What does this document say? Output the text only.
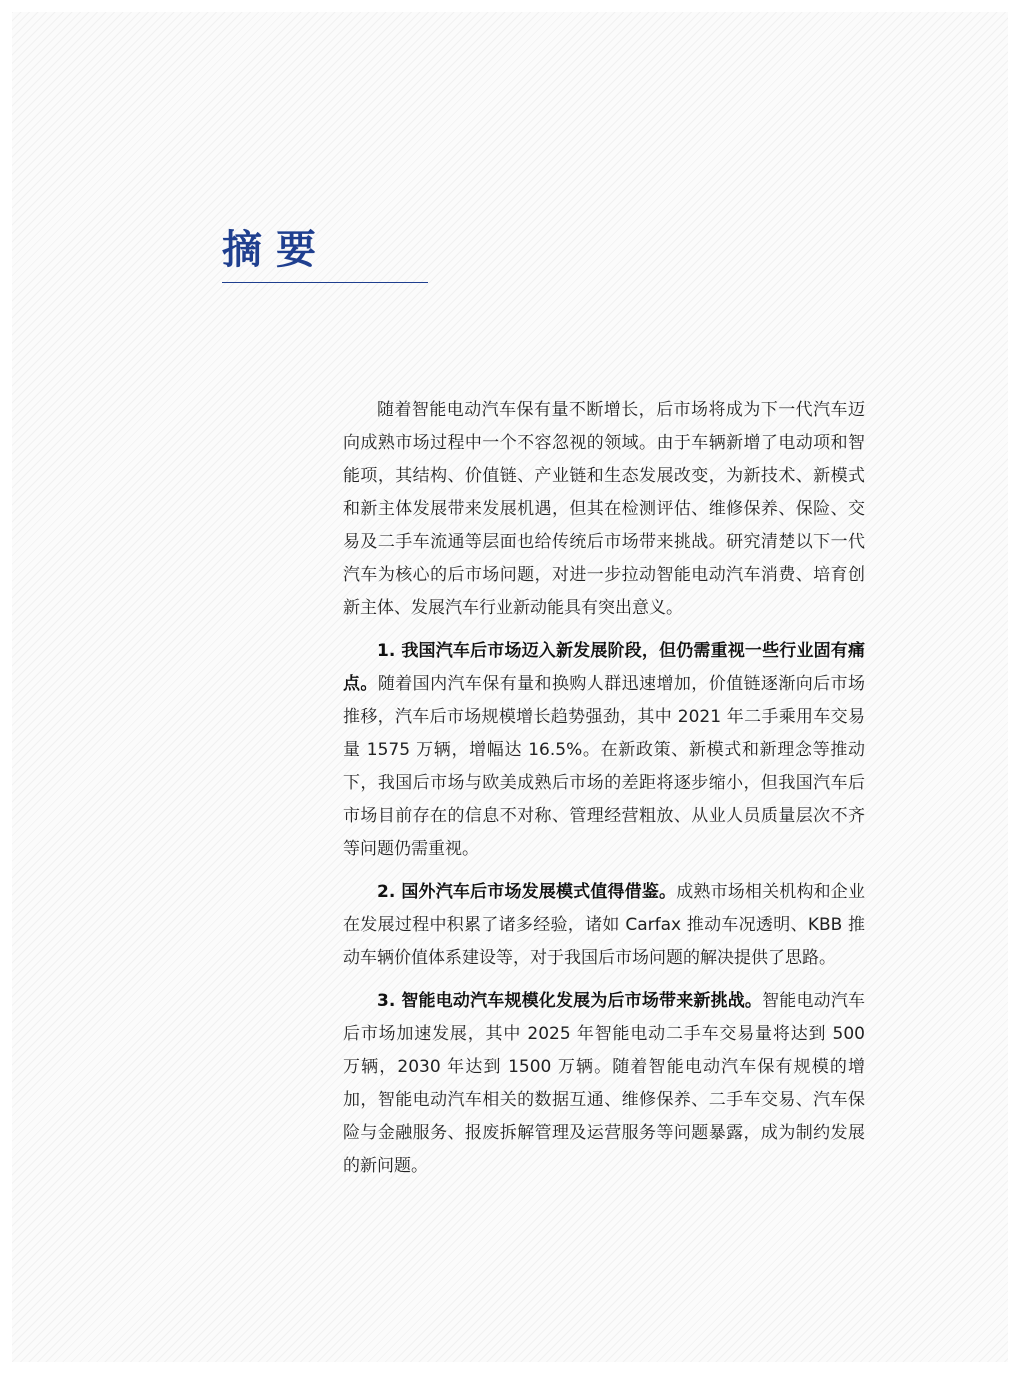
摘要

随着智能电动汽车保有量不断增长，后市场将成为下一代汽车迈向成熟市场过程中一个不容忽视的领域。由于车辆新增了电动项和智能项，其结构、价值链、产业链和生态发展改变，为新技术、新模式和新主体发展带来发展机遇，但其在检测评估、维修保养、保险、交易及二手车流通等层面也给传统后市场带来挑战。研究清楚以下一代汽车为核心的后市场问题，对进一步拉动智能电动汽车消费、培育创新主体、发展汽车行业新动能具有突出意义。

1. 我国汽车后市场迈入新发展阶段，但仍需重视一些行业固有痛点。随着国内汽车保有量和换购人群迅速增加，价值链逐渐向后市场推移，汽车后市场规模增长趋势强劲，其中 2021 年二手乘用车交易量 1575 万辆，增幅达 16.5%。在新政策、新模式和新理念等推动下，我国后市场与欧美成熟后市场的差距将逐步缩小，但我国汽车后市场目前存在的信息不对称、管理经营粗放、从业人员质量层次不齐等问题仍需重视。

2. 国外汽车后市场发展模式值得借鉴。成熟市场相关机构和企业在发展过程中积累了诸多经验，诸如 Carfax 推动车况透明、KBB 推动车辆价值体系建设等，对于我国后市场问题的解决提供了思路。

3. 智能电动汽车规模化发展为后市场带来新挑战。智能电动汽车后市场加速发展，其中 2025 年智能电动二手车交易量将达到 500 万辆，2030 年达到 1500 万辆。随着智能电动汽车保有规模的增加，智能电动汽车相关的数据互通、维修保养、二手车交易、汽车保险与金融服务、报废拆解管理及运营服务等问题暴露，成为制约发展的新问题。
